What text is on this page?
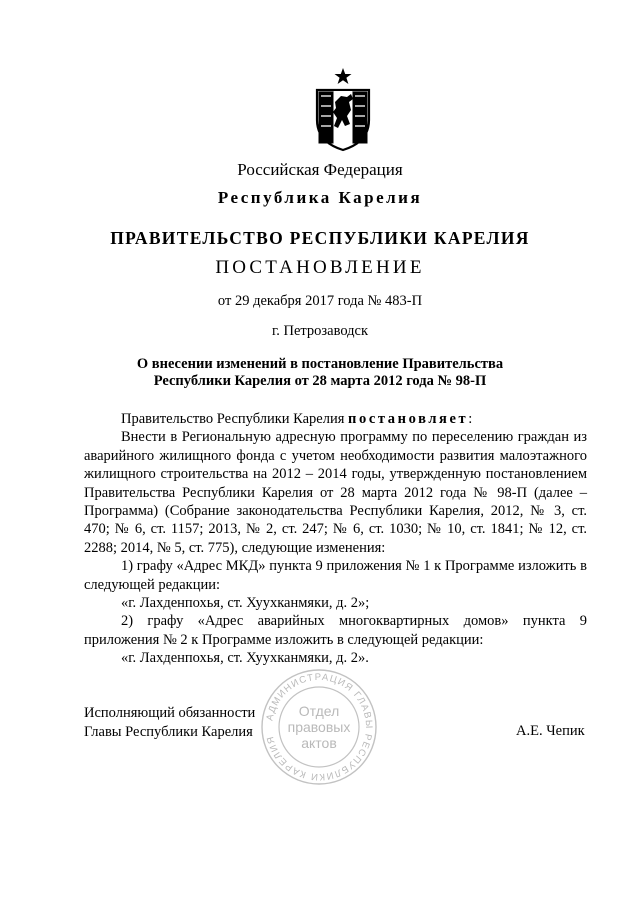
Российская Федерация
Республика Карелия
ПРАВИТЕЛЬСТВО РЕСПУБЛИКИ КАРЕЛИЯ
ПОСТАНОВЛЕНИЕ
от 29 декабря 2017 года № 483-П
г. Петрозаводск
О внесении изменений в постановление Правительства
Республики Карелия от 28 марта 2012 года № 98-П

Правительство Республики Карелия постановляет:

Внести в Региональную адресную программу по переселению граждан из аварийного жилищного фонда с учетом необходимости развития малоэтажного жилищного строительства на 2012 – 2014 годы, утвержденную постановлением Правительства Республики Карелия от 28 марта 2012 года № 98-П (далее – Программа) (Собрание законодательства Республики Карелия, 2012, № 3, ст. 470; № 6, ст. 1157; 2013, № 2, ст. 247; № 6, ст. 1030; № 10, ст. 1841; № 12, ст. 2288; 2014, № 5, ст. 775), следующие изменения:

1) графу «Адрес МКД» пункта 9 приложения № 1 к Программе изложить в следующей редакции:

«г. Лахденпохья, ст. Хуухканмяки, д. 2»;

2) графу «Адрес аварийных многоквартирных домов» пункта 9 приложения № 2 к Программе изложить в следующей редакции:

«г. Лахденпохья, ст. Хуухканмяки, д. 2».

Исполняющий обязанности
Главы Республики Карелия	А.Е. Чепик
АДМИНИСТРАЦИЯ ГЛАВЫ РЕСПУБЛИКИ КАРЕЛИЯ
Отдел
правовых
актов
